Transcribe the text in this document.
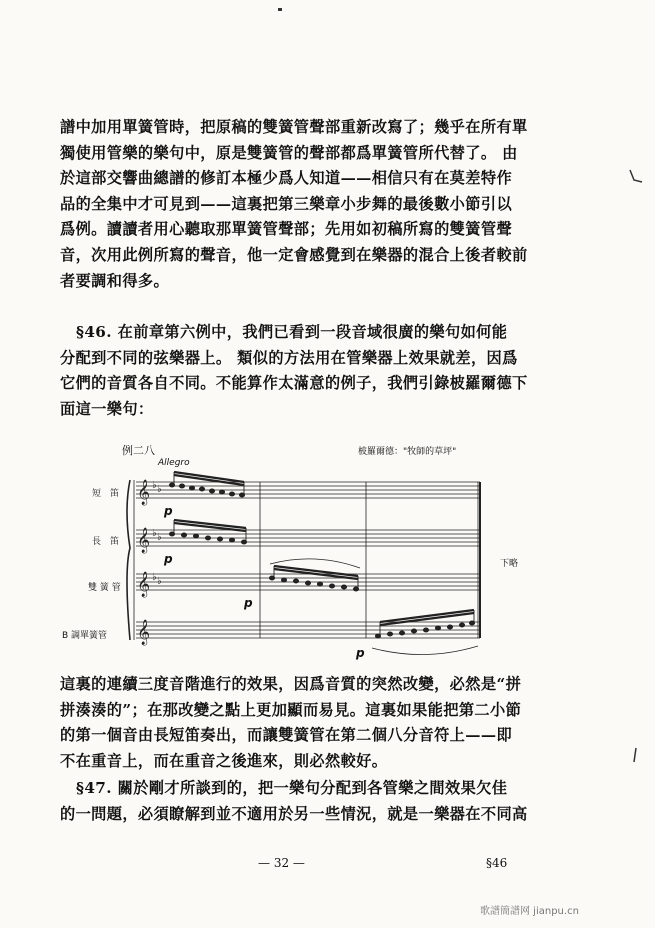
譜中加用單簧管時，把原稿的雙簧管聲部重新改寫了；幾乎在所有單
獨使用管樂的樂句中，原是雙簧管的聲部都爲單簧管所代替了。 由
於這部交響曲總譜的修訂本極少爲人知道——相信只有在莫差特作
品的全集中才可見到——這裏把第三樂章小步舞的最後數小節引以
爲例。讀讀者用心聽取那單簧管聲部；先用如初稿所寫的雙簧管聲
音，次用此例所寫的聲音，他一定會感覺到在樂器的混合上後者較前
者要調和得多。
§46. 在前章第六例中，我們已看到一段音域很廣的樂句如何能
分配到不同的弦樂器上。 類似的方法用在管樂器上效果就差，因爲
它們的音質各自不同。不能算作太滿意的例子，我們引錄柀羅爾德下
面這一樂句：
例二八	柀羅爾德："牧師的草坪"
Allegro
短　笛
長　笛
雙 簧 管
B 調單簧管
下略
p
p
p
p
𝄞
𝄞
𝄞
𝄞
♭ ♭
♭ ♭
♭ ♭
這裏的連續三度音階進行的效果，因爲音質的突然改變，必然是“拼
拼湊湊的”；在那改變之點上更加顯而易見。這裏如果能把第二小節
的第一個音由長短笛奏出，而讓雙簧管在第二個八分音符上——即
不在重音上，而在重音之後進來，則必然較好。
§47. 關於剛才所談到的，把一樂句分配到各管樂之間效果欠佳
的一問題，必須瞭解到並不適用於另一些情況，就是一樂器在不同高
— 32 —	§46
歌譜簡譜网 jianpu.cn
